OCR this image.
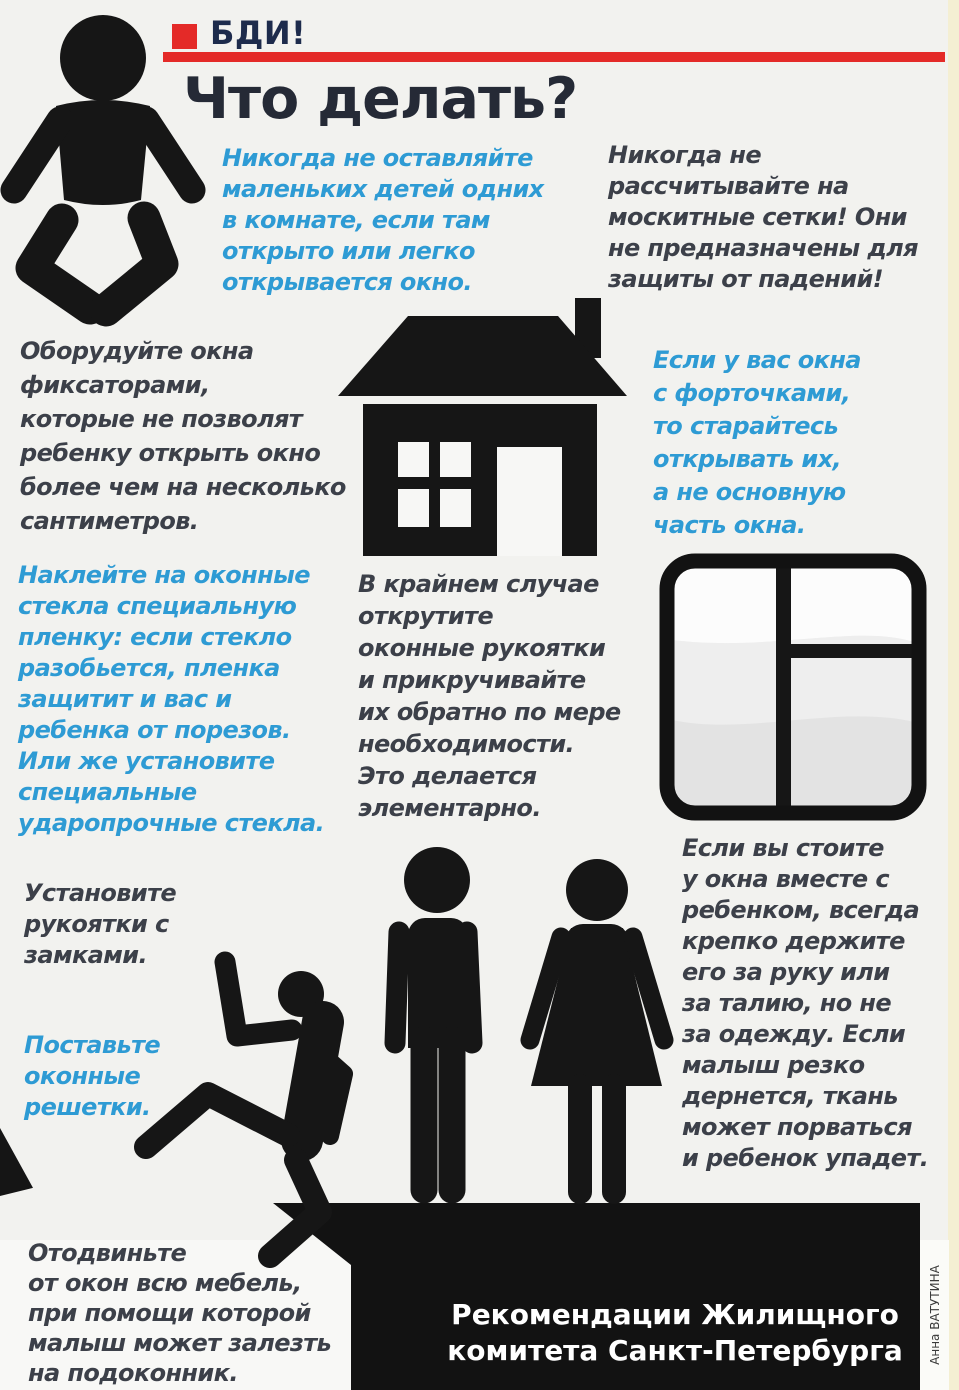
БДИ!
Что делать?
Никогда не оставляйте
маленьких детей одних
в комнате, если там
открыто или легко
открывается окно.
Никогда не
рассчитывайте на
москитные сетки! Они
не предназначены для
защиты от падений!
Оборудуйте окна
фиксаторами,
которые не позволят
ребенку открыть окно
более чем на несколько
сантиметров.
Если у вас окна
с форточками,
то старайтесь
открывать их,
а не основную
часть окна.
Наклейте на оконные
стекла специальную
пленку: если стекло
разобьется, пленка
защитит и вас и
ребенка от порезов.
Или же установите
специальные
ударопрочные стекла.
В крайнем случае
открутите
оконные рукоятки
и прикручивайте
их обратно по мере
необходимости.
Это делается
элементарно.
Установите
рукоятки с
замками.
Поставьте
оконные
решетки.
Если вы стоите
у окна вместе с
ребенком, всегда
крепко держите
его за руку или
за талию, но не
за одежду. Если
малыш резко
дернется, ткань
может порваться
и ребенок упадет.
Отодвиньте
от окон всю мебель,
при помощи которой
малыш может залезть
на подоконник.
Рекомендации Жилищного
комитета Санкт-Петербурга	Анна ВАТУТИНА
